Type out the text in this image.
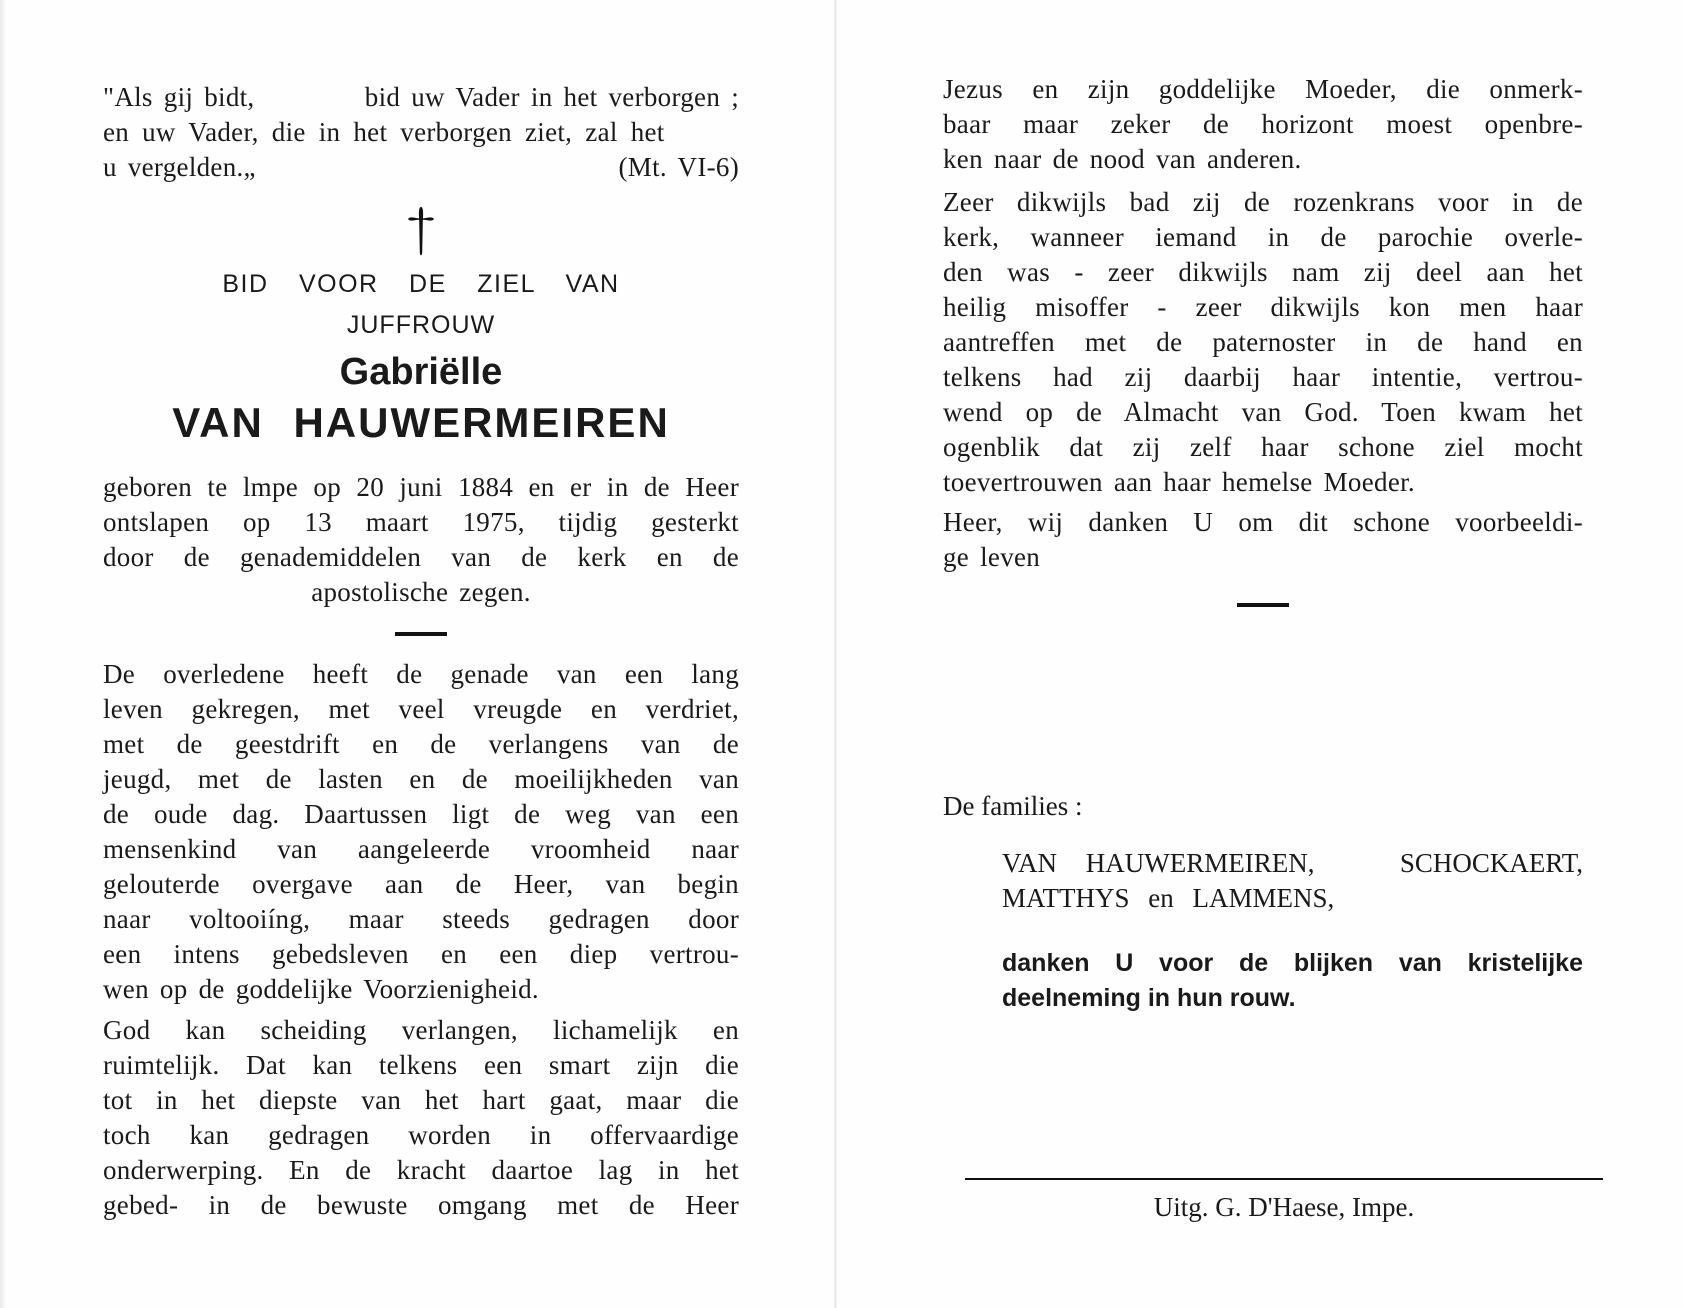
"Als gij bidt,	bid uw Vader in het verborgen ;
en uw Vader, die in het verborgen ziet, zal het
u vergelden.„	(Mt. VI-6)
BID VOOR DE ZIEL VAN
JUFFROUW
Gabriëlle
VAN HAUWERMEIREN
geboren te lmpe op 20 juni 1884 en er in de Heer
ontslapen op 13 maart 1975, tijdig gesterkt
door de genademiddelen van de kerk en de
apostolische zegen.
De overledene heeft de genade van een lang
leven gekregen, met veel vreugde en verdriet,
met de geestdrift en de verlangens van de
jeugd, met de lasten en de moeilijkheden van
de oude dag. Daartussen ligt de weg van een
mensenkind van aangeleerde vroomheid naar
gelouterde overgave aan de Heer, van begin
naar voltooiíng, maar steeds gedragen door
een intens gebedsleven en een diep vertrou-
wen op de goddelijke Voorzienigheid.
God kan scheiding verlangen, lichamelijk en
ruimtelijk. Dat kan telkens een smart zijn die
tot in het diepste van het hart gaat, maar die
toch kan gedragen worden in offervaardige
onderwerping. En de kracht daartoe lag in het
gebed- in de bewuste omgang met de Heer
Jezus en zijn goddelijke Moeder, die onmerk-
baar maar zeker de horizont moest openbre-
ken naar de nood van anderen.
Zeer dikwijls bad zij de rozenkrans voor in de
kerk, wanneer iemand in de parochie overle-
den was - zeer dikwijls nam zij deel aan het
heilig misoffer - zeer dikwijls kon men haar
aantreffen met de paternoster in de hand en
telkens had zij daarbij haar intentie, vertrou-
wend op de Almacht van God. Toen kwam het
ogenblik dat zij zelf haar schone ziel mocht
toevertrouwen aan haar hemelse Moeder.
Heer, wij danken U om dit schone voorbeeldi-
ge leven
De families :
VAN HAUWERMEIREN,	SCHOCKAERT,
MATTHYS en LAMMENS,
danken U voor de blijken van kristelijke
deelneming in hun rouw.
Uitg. G. D'Haese, Impe.
